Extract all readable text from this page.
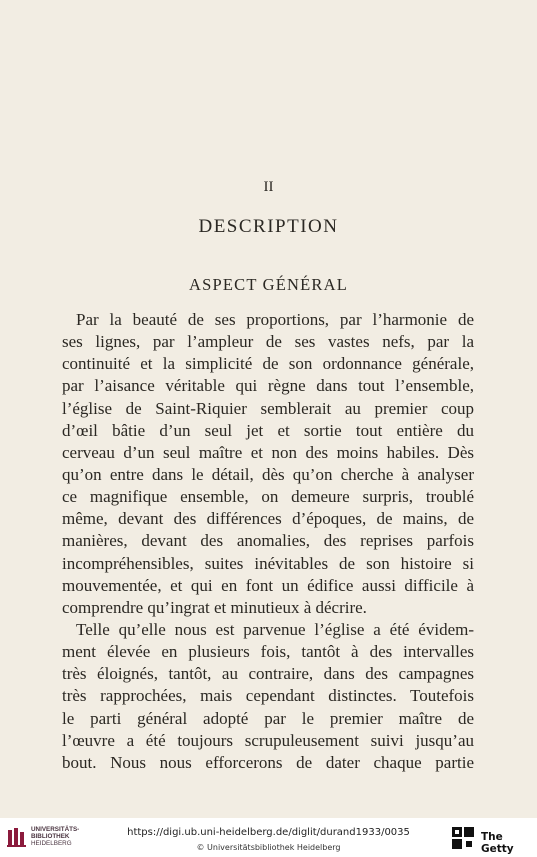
II
DESCRIPTION
ASPECT GÉNÉRAL
Par la beauté de ses proportions, par l’harmonie de
ses lignes, par l’ampleur de ses vastes nefs, par la
continuité et la simplicité de son ordonnance générale,
par l’aisance véritable qui règne dans tout l’ensemble,
l’église de Saint-Riquier semblerait au premier coup
d’œil bâtie d’un seul jet et sortie tout entière du
cerveau d’un seul maître et non des moins habiles. Dès
qu’on entre dans le détail, dès qu’on cherche à analyser
ce magnifique ensemble, on demeure surpris, troublé
même, devant des différences d’époques, de mains, de
manières, devant des anomalies, des reprises parfois
incompréhensibles, suites inévitables de son histoire si
mouvementée, et qui en font un édifice aussi difficile à
comprendre qu’ingrat et minutieux à décrire.
Telle qu’elle nous est parvenue l’église a été évidem-
ment élevée en plusieurs fois, tantôt à des intervalles
très éloignés, tantôt, au contraire, dans des campagnes
très rapprochées, mais cependant distinctes. Toutefois
le parti général adopté par le premier maître de
l’œuvre a été toujours scrupuleusement suivi jusqu’au
bout. Nous nous efforcerons de dater chaque partie
UNIVERSITÄTS-
BIBLIOTHEK
HEIDELBERG
https://digi.ub.uni-heidelberg.de/diglit/durand1933/0035
© Universitätsbibliothek Heidelberg
The Getty
